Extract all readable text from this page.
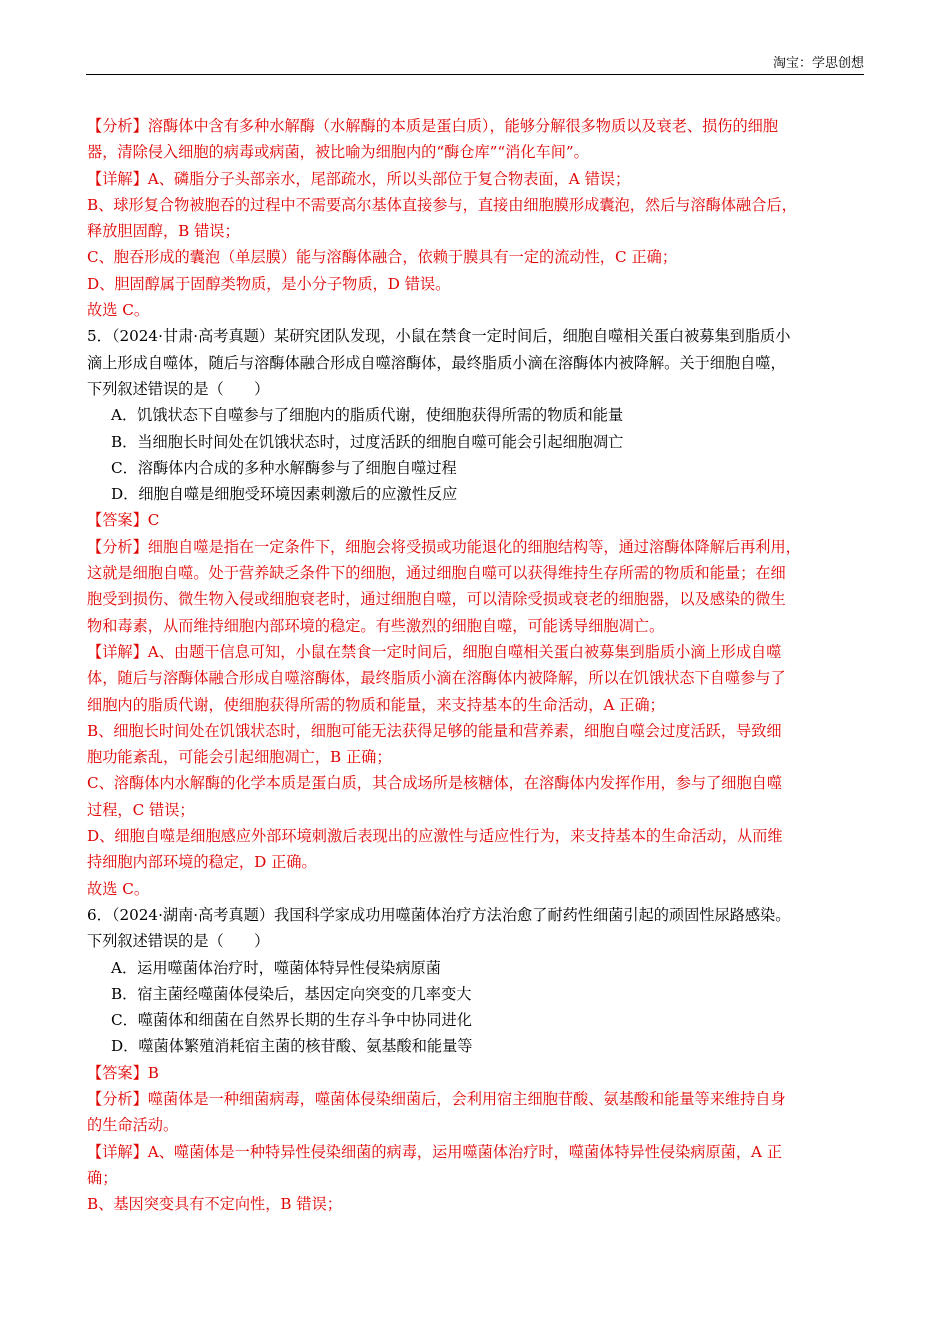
淘宝：学思创想

【分析】溶酶体中含有多种水解酶（水解酶的本质是蛋白质），能够分解很多物质以及衰老、损伤的细胞

器，清除侵入细胞的病毒或病菌，被比喻为细胞内的“酶仓库”“消化车间”。

【详解】A、磷脂分子头部亲水，尾部疏水，所以头部位于复合物表面，A 错误；

B、球形复合物被胞吞的过程中不需要高尔基体直接参与，直接由细胞膜形成囊泡，然后与溶酶体融合后，

释放胆固醇，B 错误；

C、胞吞形成的囊泡（单层膜）能与溶酶体融合，依赖于膜具有一定的流动性，C 正确；

D、胆固醇属于固醇类物质，是小分子物质，D 错误。

故选 C。

5．（2024·甘肃·高考真题）某研究团队发现，小鼠在禁食一定时间后，细胞自噬相关蛋白被募集到脂质小

滴上形成自噬体，随后与溶酶体融合形成自噬溶酶体，最终脂质小滴在溶酶体内被降解。关于细胞自噬，

下列叙述错误的是（　　）

A．饥饿状态下自噬参与了细胞内的脂质代谢，使细胞获得所需的物质和能量

B．当细胞长时间处在饥饿状态时，过度活跃的细胞自噬可能会引起细胞凋亡

C．溶酶体内合成的多种水解酶参与了细胞自噬过程

D．细胞自噬是细胞受环境因素刺激后的应激性反应

【答案】C

【分析】细胞自噬是指在一定条件下，细胞会将受损或功能退化的细胞结构等，通过溶酶体降解后再利用，

这就是细胞自噬。处于营养缺乏条件下的细胞，通过细胞自噬可以获得维持生存所需的物质和能量；在细

胞受到损伤、微生物入侵或细胞衰老时，通过细胞自噬，可以清除受损或衰老的细胞器，以及感染的微生

物和毒素，从而维持细胞内部环境的稳定。有些激烈的细胞自噬，可能诱导细胞凋亡。

【详解】A、由题干信息可知，小鼠在禁食一定时间后，细胞自噬相关蛋白被募集到脂质小滴上形成自噬

体，随后与溶酶体融合形成自噬溶酶体，最终脂质小滴在溶酶体内被降解，所以在饥饿状态下自噬参与了

细胞内的脂质代谢，使细胞获得所需的物质和能量，来支持基本的生命活动，A 正确；

B、细胞长时间处在饥饿状态时，细胞可能无法获得足够的能量和营养素，细胞自噬会过度活跃，导致细

胞功能紊乱，可能会引起细胞凋亡，B 正确；

C、溶酶体内水解酶的化学本质是蛋白质，其合成场所是核糖体，在溶酶体内发挥作用，参与了细胞自噬

过程，C 错误；

D、细胞自噬是细胞感应外部环境刺激后表现出的应激性与适应性行为，来支持基本的生命活动，从而维

持细胞内部环境的稳定，D 正确。

故选 C。

6．（2024·湖南·高考真题）我国科学家成功用噬菌体治疗方法治愈了耐药性细菌引起的顽固性尿路感染。

下列叙述错误的是（　　）

A．运用噬菌体治疗时，噬菌体特异性侵染病原菌

B．宿主菌经噬菌体侵染后，基因定向突变的几率变大

C．噬菌体和细菌在自然界长期的生存斗争中协同进化

D．噬菌体繁殖消耗宿主菌的核苷酸、氨基酸和能量等

【答案】B

【分析】噬菌体是一种细菌病毒，噬菌体侵染细菌后，会利用宿主细胞苷酸、氨基酸和能量等来维持自身

的生命活动。

【详解】A、噬菌体是一种特异性侵染细菌的病毒，运用噬菌体治疗时，噬菌体特异性侵染病原菌，A 正

确；

B、基因突变具有不定向性，B 错误；
